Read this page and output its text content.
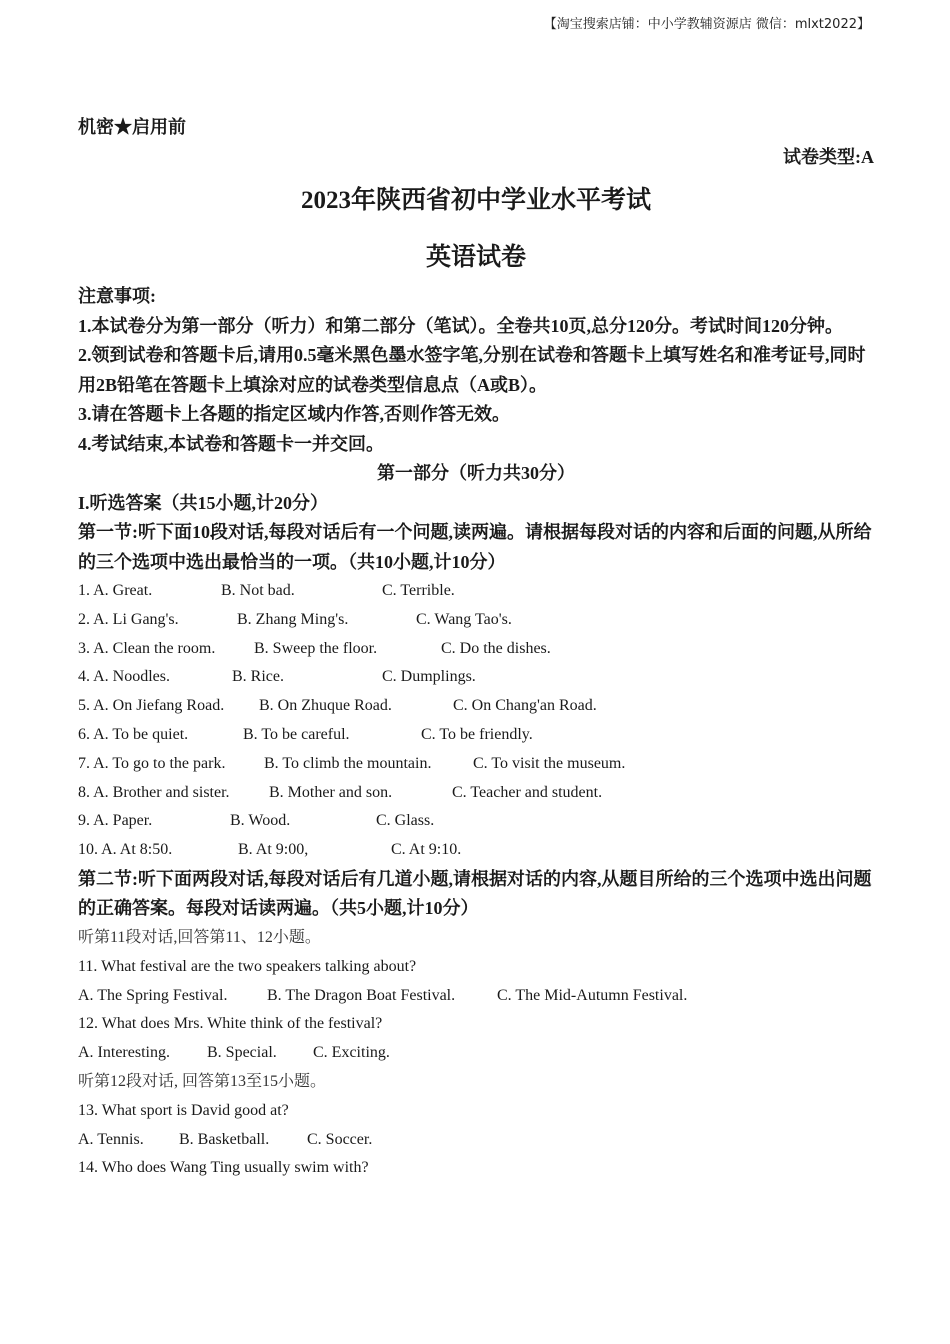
【淘宝搜索店铺：中小学教辅资源店 微信：mlxt2022】
机密★启用前
试卷类型:A
2023年陕西省初中学业水平考试
英语试卷

注意事项:

1.本试卷分为第一部分（听力）和第二部分（笔试）。全卷共10页,总分120分。考试时间120分钟。

2.领到试卷和答题卡后,请用0.5毫米黑色墨水签字笔,分别在试卷和答题卡上填写姓名和准考证号,同时用2B铅笔在答题卡上填涂对应的试卷类型信息点（A或B）。

3.请在答题卡上各题的指定区域内作答,否则作答无效。

4.考试结束,本试卷和答题卡一并交回。

第一部分（听力共30分）

I.听选答案（共15小题,计20分）

第一节:听下面10段对话,每段对话后有一个问题,读两遍。请根据每段对话的内容和后面的问题,从所给的三个选项中选出最恰当的一项。（共10小题,计10分）

1. A. Great.	B. Not bad.	C. Terrible.
2. A. Li Gang's.	B. Zhang Ming's.	C. Wang Tao's.
3. A. Clean the room. B. Sweep the floor.	C. Do the dishes.
4. A. Noodles.	B. Rice.	C. Dumplings.
5. A. On Jiefang Road. B. On Zhuque Road.	C. On Chang'an Road.
6. A. To be quiet.	B. To be careful.	C. To be friendly.
7. A. To go to the park. B. To climb the mountain.	C. To visit the museum.
8. A. Brother and sister. B. Mother and son.	C. Teacher and student.
9. A. Paper.	B. Wood.	C. Glass.
10. A. At 8:50.	B. At 9:00,	C. At 9:10.

第二节:听下面两段对话,每段对话后有几道小题,请根据对话的内容,从题目所给的三个选项中选出问题的正确答案。每段对话读两遍。（共5小题,计10分）

听第11段对话,回答第11、12小题。
11. What festival are the two speakers talking about?
A. The Spring Festival. B. The Dragon Boat Festival.	C. The Mid-Autumn Festival.
12. What does Mrs. White think of the festival?
A. Interesting. B. Special. C. Exciting.
听第12段对话, 回答第13至15小题。
13. What sport is David good at?
A. Tennis. B. Basketball. C. Soccer.
14. Who does Wang Ting usually swim with?
